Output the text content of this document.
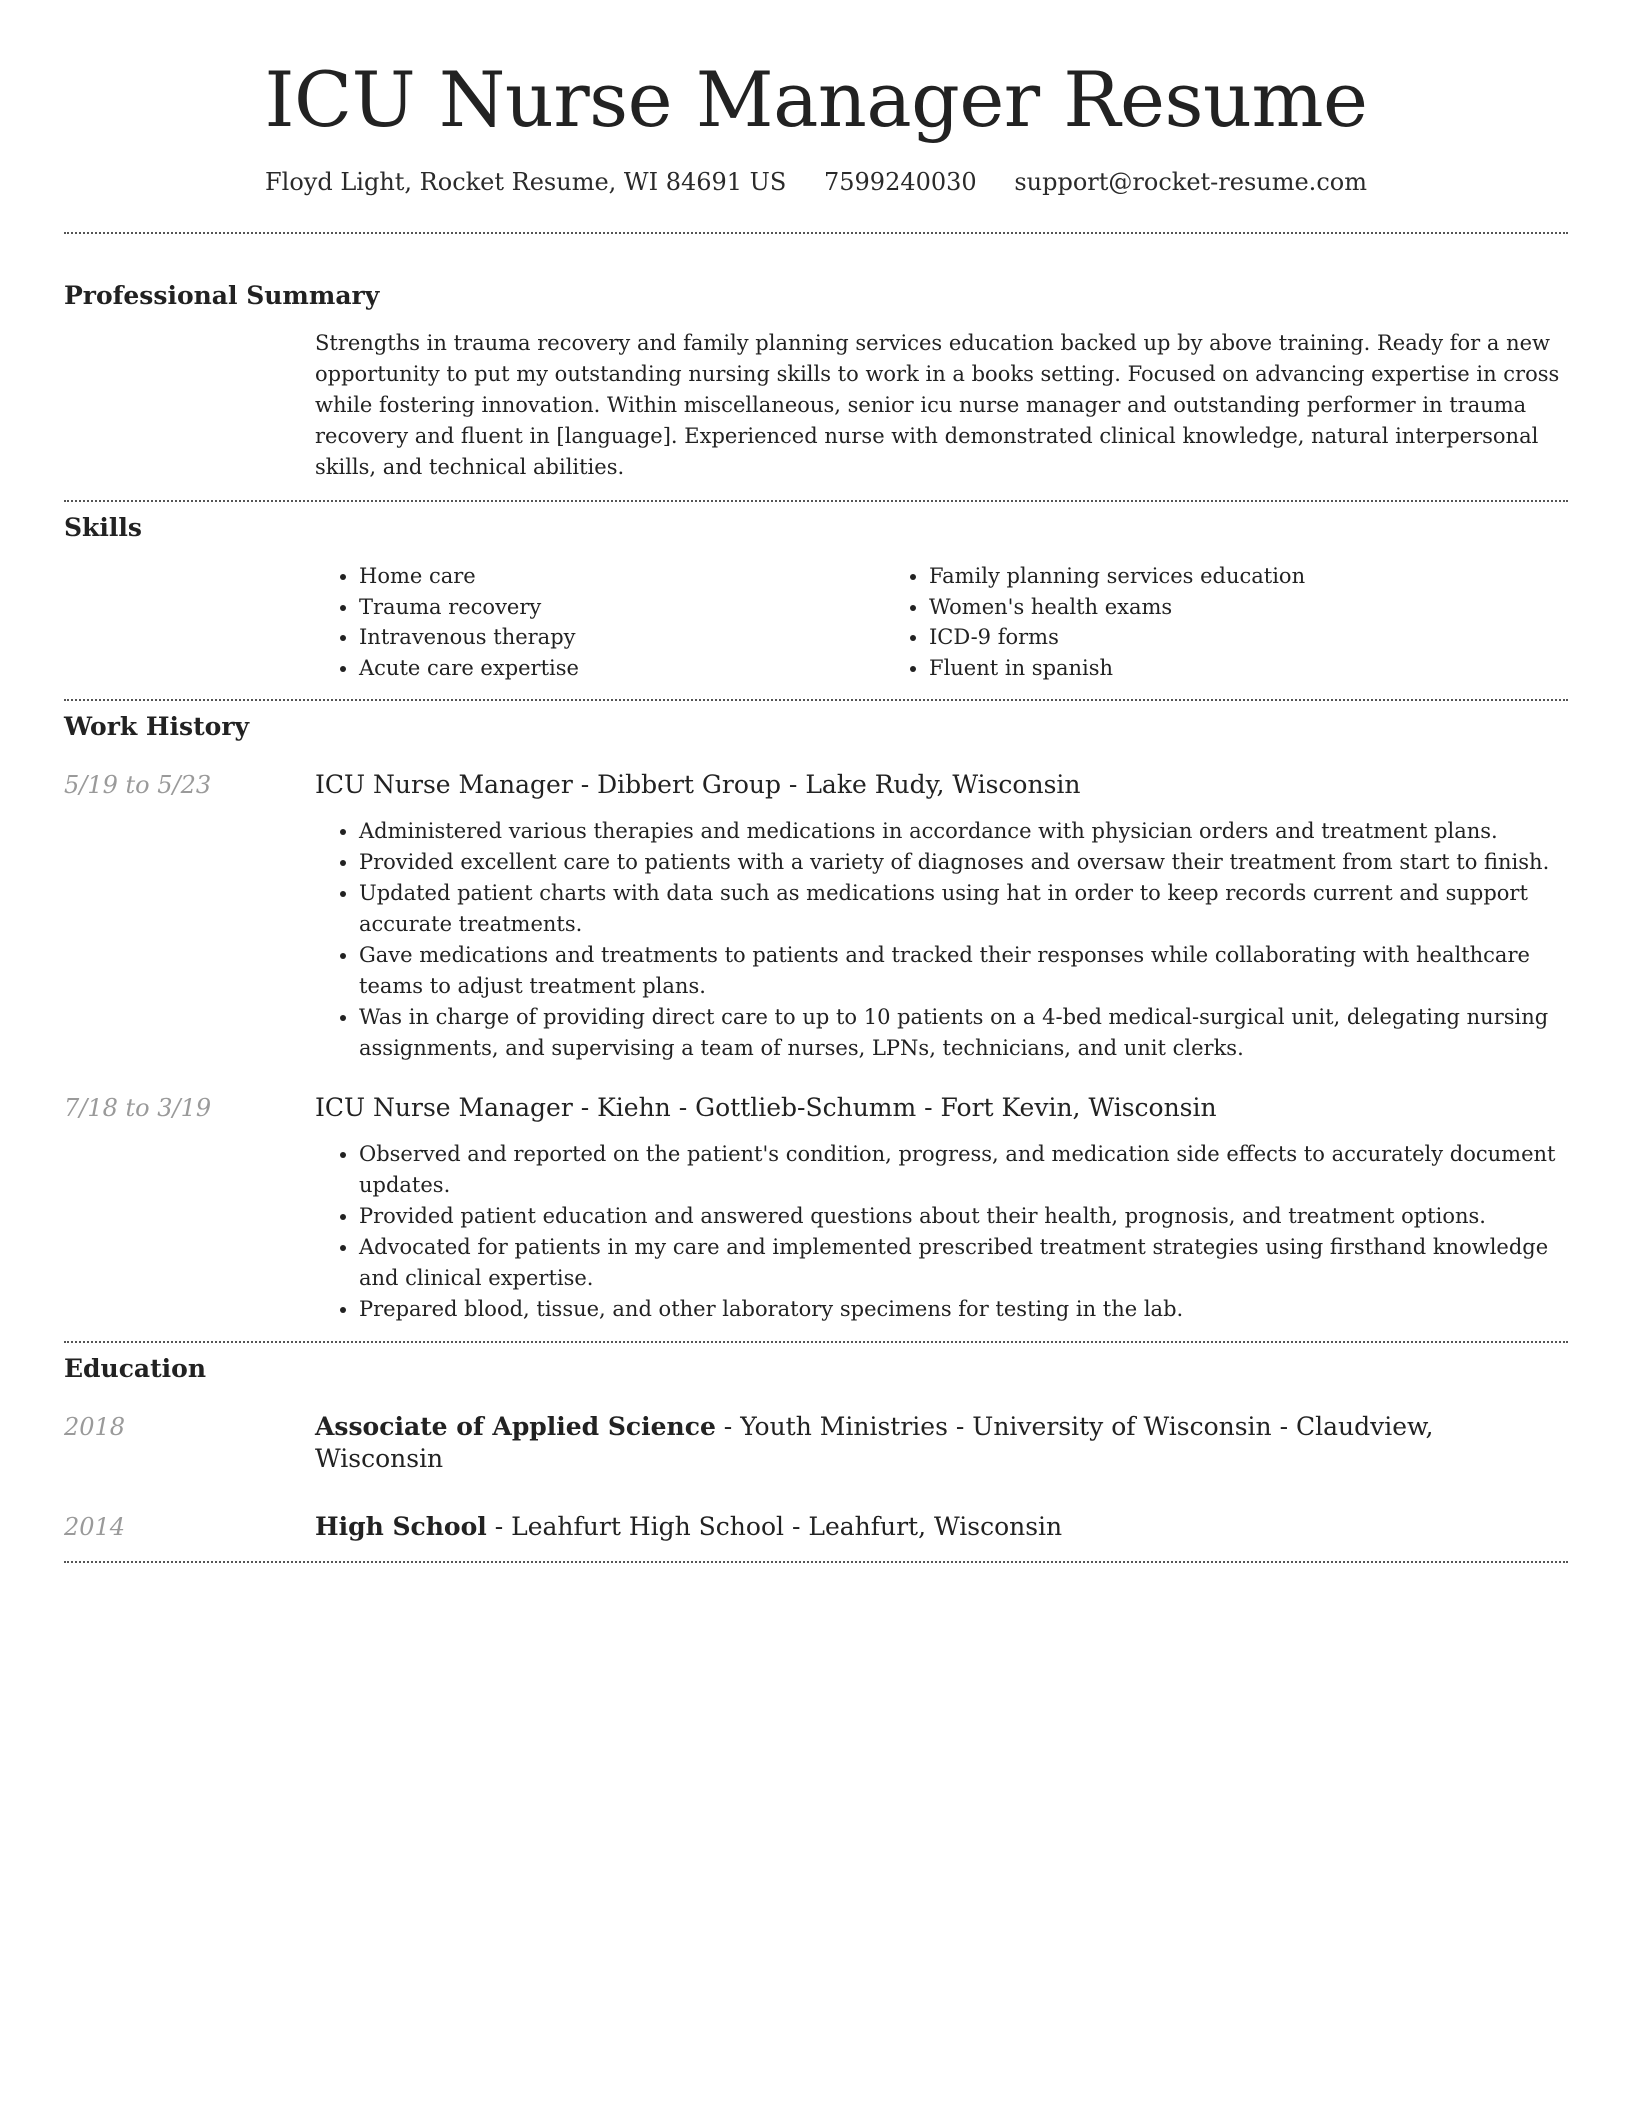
ICU Nurse Manager Resume
Floyd Light, Rocket Resume, WI 84691 US 7599240030 support@rocket-resume.com
Professional Summary

Strengths in trauma recovery and family planning services education backed up by above training. Ready for a new opportunity to put my outstanding nursing skills to work in a books setting. Focused on advancing expertise in cross while fostering innovation. Within miscellaneous, senior icu nurse manager and outstanding performer in trauma recovery and fluent in [language]. Experienced nurse with demonstrated clinical knowledge, natural interpersonal skills, and technical abilities.

Skills
• Home care
• Trauma recovery
• Intravenous therapy
• Acute care expertise
• Family planning services education
• Women's health exams
• ICD-9 forms
• Fluent in spanish
Work History
5/19 to 5/23	ICU Nurse Manager - Dibbert Group - Lake Rudy, Wisconsin
• Administered various therapies and medications in accordance with physician orders and treatment plans.
• Provided excellent care to patients with a variety of diagnoses and oversaw their treatment from start to finish.
• Updated patient charts with data such as medications using hat in order to keep records current and support accurate treatments.
• Gave medications and treatments to patients and tracked their responses while collaborating with healthcare teams to adjust treatment plans.
• Was in charge of providing direct care to up to 10 patients on a 4-bed medical-surgical unit, delegating nursing assignments, and supervising a team of nurses, LPNs, technicians, and unit clerks.
7/18 to 3/19	ICU Nurse Manager - Kiehn - Gottlieb-Schumm - Fort Kevin, Wisconsin
• Observed and reported on the patient's condition, progress, and medication side effects to accurately document updates.
• Provided patient education and answered questions about their health, prognosis, and treatment options.
• Advocated for patients in my care and implemented prescribed treatment strategies using firsthand knowledge and clinical expertise.
• Prepared blood, tissue, and other laboratory specimens for testing in the lab.
Education
2018	Associate of Applied Science - Youth Ministries - University of Wisconsin - Claudview, Wisconsin
2014	High School - Leahfurt High School - Leahfurt, Wisconsin
